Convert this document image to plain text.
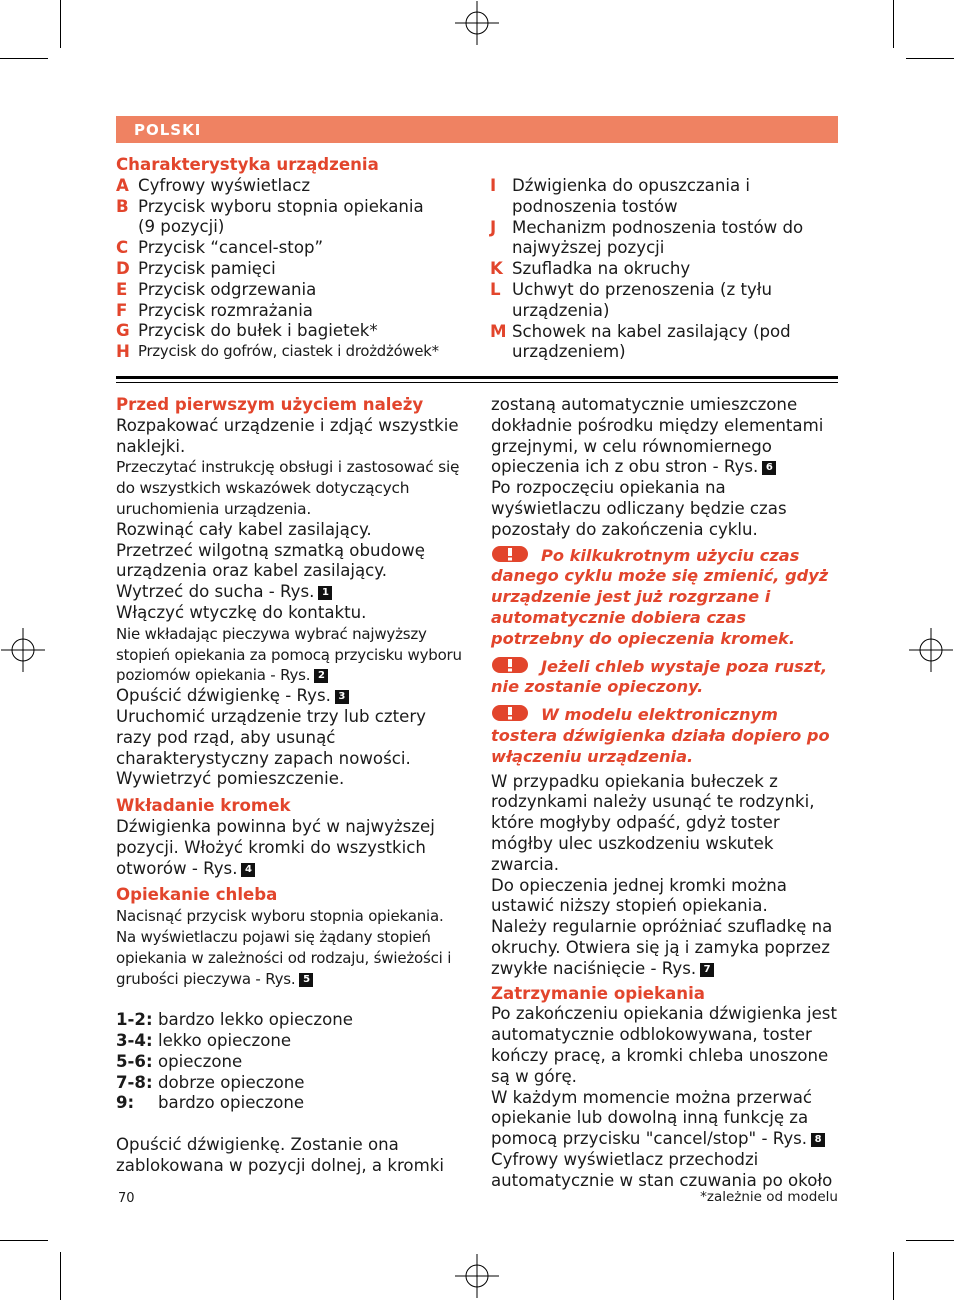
POLSKI
Charakterystyka urządzenia
A Cyfrowy wyświetlacz
B Przycisk wyboru stopnia opiekania (9 pozycji)
C Przycisk “cancel-stop”
D Przycisk pamięci
E Przycisk odgrzewania
F Przycisk rozmrażania
G Przycisk do bułek i bagietek*
H Przycisk do gofrów, ciastek i drożdżówek*
I Dźwigienka do opuszczania i podnoszenia tostów
J Mechanizm podnoszenia tostów do najwyższej pozycji
K Szufladka na okruchy
L Uchwyt do przenoszenia (z tyłu urządzenia)
M Schowek na kabel zasilający (pod urządzeniem)
Przed pierwszym użyciem należy
Rozpakować urządzenie i zdjąć wszystkie naklejki.
Przeczytać instrukcję obsługi i zastosować się do wszystkich wskazówek dotyczących uruchomienia urządzenia.
Rozwinąć cały kabel zasilający.
Przetrzeć wilgotną szmatką obudowę urządzenia oraz kabel zasilający.
Wytrzeć do sucha - Rys. 1
Włączyć wtyczkę do kontaktu.
Nie wkładając pieczywa wybrać najwyższy stopień opiekania za pomocą przycisku wyboru poziomów opiekania - Rys. 2
Opuścić dźwigienkę - Rys. 3
Uruchomić urządzenie trzy lub cztery razy pod rząd, aby usunąć charakterystyczny zapach nowości.
Wywietrzyć pomieszczenie.
Wkładanie kromek
Dźwigienka powinna być w najwyższej pozycji. Włożyć kromki do wszystkich otworów - Rys. 4
Opiekanie chleba
Nacisnąć przycisk wyboru stopnia opiekania. Na wyświetlaczu pojawi się żądany stopień opiekania w zależności od rodzaju, świeżości i grubości pieczywa - Rys. 5
1-2: bardzo lekko opieczone
3-4: lekko opieczone
5-6: opieczone
7-8: dobrze opieczone
9: bardzo opieczone
Opuścić dźwigienkę. Zostanie ona zablokowana w pozycji dolnej, a kromki
zostaną automatycznie umieszczone dokładnie pośrodku między elementami grzejnymi, w celu równomiernego opieczenia ich z obu stron - Rys. 6
Po rozpoczęciu opiekania na wyświetlaczu odliczany będzie czas pozostały do zakończenia cyklu.
Po kilkukrotnym użyciu czas danego cyklu może się zmienić, gdyż urządzenie jest już rozgrzane i automatycznie dobiera czas potrzebny do opieczenia kromek.
Jeżeli chleb wystaje poza ruszt, nie zostanie opieczony.
W modelu elektronicznym tostera dźwigienka działa dopiero po włączeniu urządzenia.
W przypadku opiekania bułeczek z rodzynkami należy usunąć te rodzynki, które mogłyby odpaść, gdyż toster mógłby ulec uszkodzeniu wskutek zwarcia.
Do opieczenia jednej kromki można ustawić niższy stopień opiekania.
Należy regularnie opróżniać szufladkę na okruchy. Otwiera się ją i zamyka poprzez zwykłe naciśnięcie - Rys. 7
Zatrzymanie opiekania
Po zakończeniu opiekania dźwigienka jest automatycznie odblokowywana, toster kończy pracę, a kromki chleba unoszone są w górę.
W każdym momencie można przerwać opiekanie lub dowolną inną funkcję za pomocą przycisku "cancel/stop" - Rys. 8
Cyfrowy wyświetlacz przechodzi automatycznie w stan czuwania po około
70	*zależnie od modelu
